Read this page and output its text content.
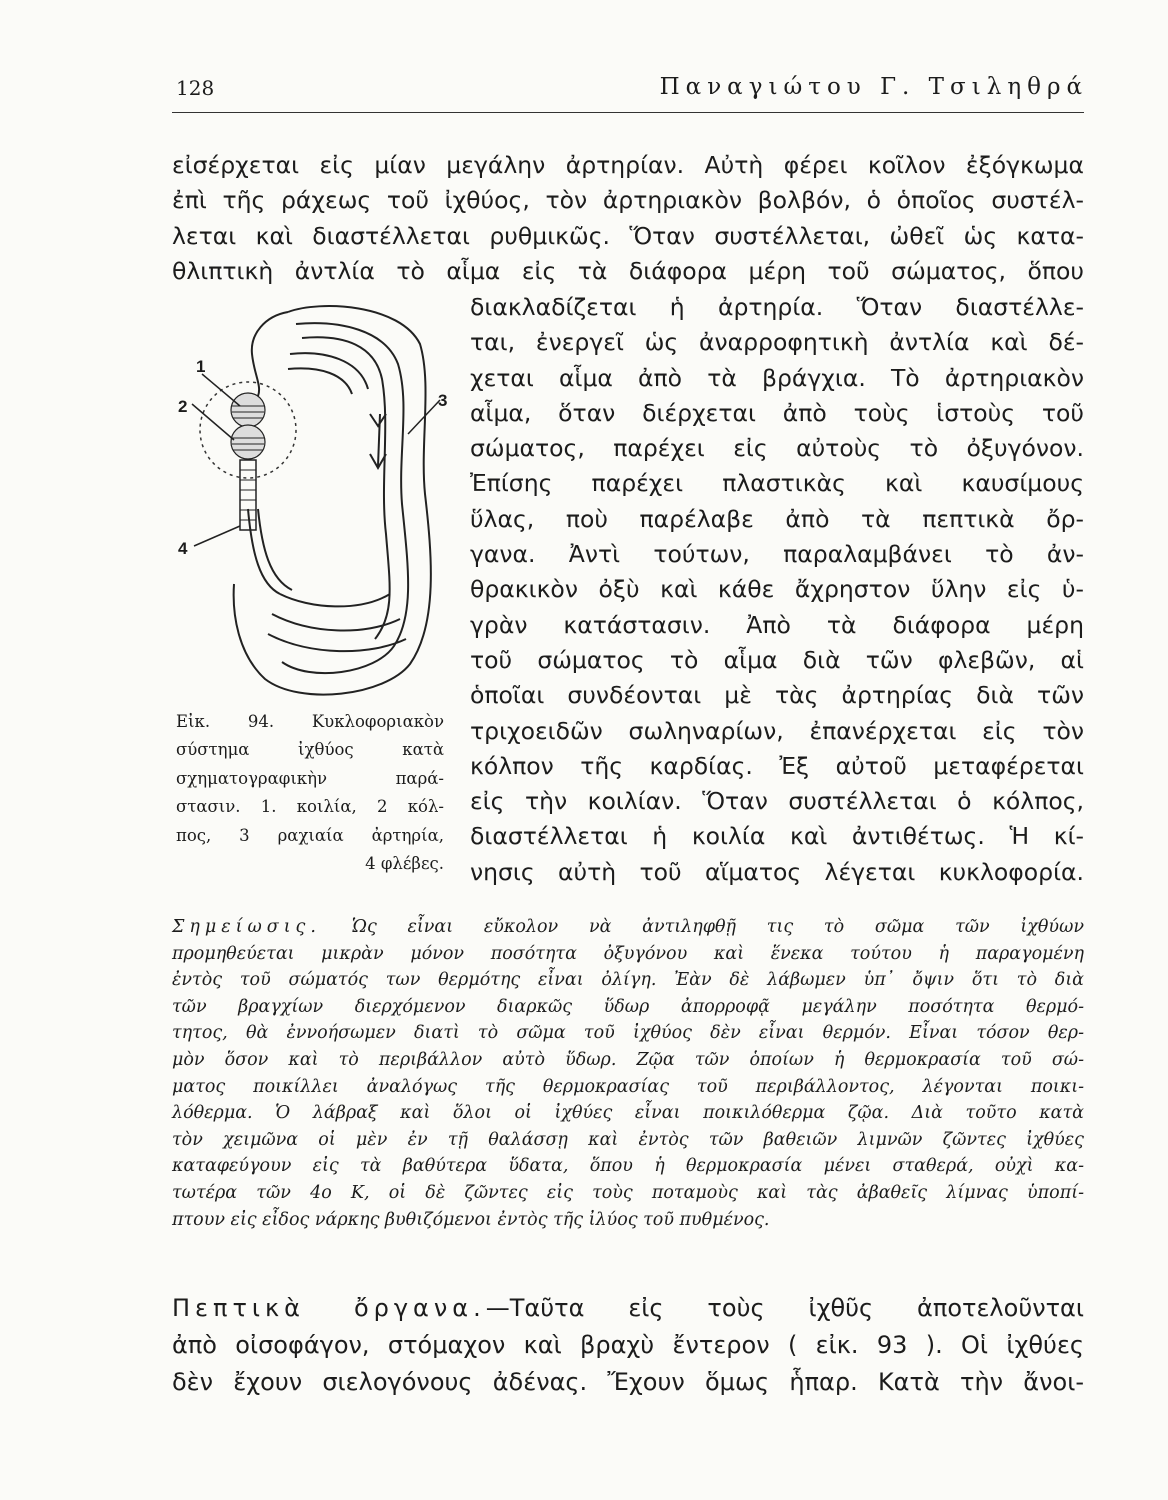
128	Παναγιώτου Γ. Τσιληθρά
εἰσέρχεται εἰς μίαν μεγάλην ἀρτηρίαν. Αὐτὴ φέρει κοῖλον ἐξόγκωμα
ἐπὶ τῆς ράχεως τοῦ ἰχθύος, τὸν ἀρτηριακὸν βολβόν, ὁ ὁποῖος συστέλ-
λεται καὶ διαστέλλεται ρυθμικῶς. Ὅταν συστέλλεται, ὠθεῖ ὡς κατα-
θλιπτικὴ ἀντλία τὸ αἷμα εἰς τὰ διάφορα μέρη τοῦ σώματος, ὅπου
1
2	3
4
διακλαδίζεται ἡ ἀρτηρία. Ὅταν διαστέλλε-
ται, ἐνεργεῖ ὡς ἀναρροφητικὴ ἀντλία καὶ δέ-
χεται αἷμα ἀπὸ τὰ βράγχια. Τὸ ἀρτηριακὸν
αἷμα, ὅταν διέρχεται ἀπὸ τοὺς ἱστοὺς τοῦ
σώματος, παρέχει εἰς αὐτοὺς τὸ ὀξυγόνον.
Ἐπίσης παρέχει πλαστικὰς καὶ καυσίμους
ὕλας, ποὺ παρέλαβε ἀπὸ τὰ πεπτικὰ ὄρ-
γανα. Ἀντὶ τούτων, παραλαμβάνει τὸ ἀν-
θρακικὸν ὀξὺ καὶ κάθε ἄχρηστον ὕλην εἰς ὑ-
γρὰν κατάστασιν. Ἀπὸ τὰ διάφορα μέρη
τοῦ σώματος τὸ αἷμα διὰ τῶν φλεβῶν, αἱ
ὁποῖαι συνδέονται μὲ τὰς ἀρτηρίας διὰ τῶν
τριχοειδῶν σωληναρίων, ἐπανέρχεται εἰς τὸν
κόλπον τῆς καρδίας. Ἐξ αὐτοῦ μεταφέρεται
εἰς τὴν κοιλίαν. Ὅταν συστέλλεται ὁ κόλπος,
διαστέλλεται ἡ κοιλία καὶ ἀντιθέτως. Ἡ κί-
νησις αὐτὴ τοῦ αἵματος λέγεται κυκλοφορία.
Εἰκ. 94. Κυκλοφοριακὸν
σύστημα ἰχθύος κατὰ
σχηματογραφικὴν παρά-
στασιν. 1. κοιλία, 2 κόλ-
πος, 3 ραχιαία ἀρτηρία,
4 φλέβες.
Σημείωσις. Ὡς εἶναι εὔκολον νὰ ἀντιληφθῇ τις τὸ σῶμα τῶν ἰχθύων
προμηθεύεται μικρὰν μόνον ποσότητα ὀξυγόνου καὶ ἕνεκα τούτου ἡ παραγομένη
ἐντὸς τοῦ σώματός των θερμότης εἶναι ὀλίγη. Ἐὰν δὲ λάβωμεν ὑπ᾽ ὄψιν ὅτι τὸ διὰ
τῶν βραγχίων διερχόμενον διαρκῶς ὕδωρ ἀπορροφᾷ μεγάλην ποσότητα θερμό-
τητος, θὰ ἐννοήσωμεν διατὶ τὸ σῶμα τοῦ ἰχθύος δὲν εἶναι θερμόν. Εἶναι τόσον θερ-
μὸν ὅσον καὶ τὸ περιβάλλον αὐτὸ ὕδωρ. Ζῷα τῶν ὁποίων ἡ θερμοκρασία τοῦ σώ-
ματος ποικίλλει ἀναλόγως τῆς θερμοκρασίας τοῦ περιβάλλοντος, λέγονται ποικι-
λόθερμα. Ὁ λάβραξ καὶ ὅλοι οἱ ἰχθύες εἶναι ποικιλόθερμα ζῷα. Διὰ τοῦτο κατὰ
τὸν χειμῶνα οἱ μὲν ἐν τῇ θαλάσσῃ καὶ ἐντὸς τῶν βαθειῶν λιμνῶν ζῶντες ἰχθύες
καταφεύγουν εἰς τὰ βαθύτερα ὕδατα, ὅπου ἡ θερμοκρασία μένει σταθερά, οὐχὶ κα-
τωτέρα τῶν 4ο Κ, οἱ δὲ ζῶντες εἰς τοὺς ποταμοὺς καὶ τὰς ἀβαθεῖς λίμνας ὑποπί-
πτουν εἰς εἶδος νάρκης βυθιζόμενοι ἐντὸς τῆς ἰλύος τοῦ πυθμένος.
Πεπτικὰ ὄργανα.—Ταῦτα εἰς τοὺς ἰχθῦς ἀποτελοῦνται
ἀπὸ οἰσοφάγον, στόμαχον καὶ βραχὺ ἔντερον ( εἰκ. 93 ). Οἱ ἰχθύες
δὲν ἔχουν σιελογόνους ἀδένας. Ἔχουν ὅμως ἧπαρ. Κατὰ τὴν ἄνοι-
